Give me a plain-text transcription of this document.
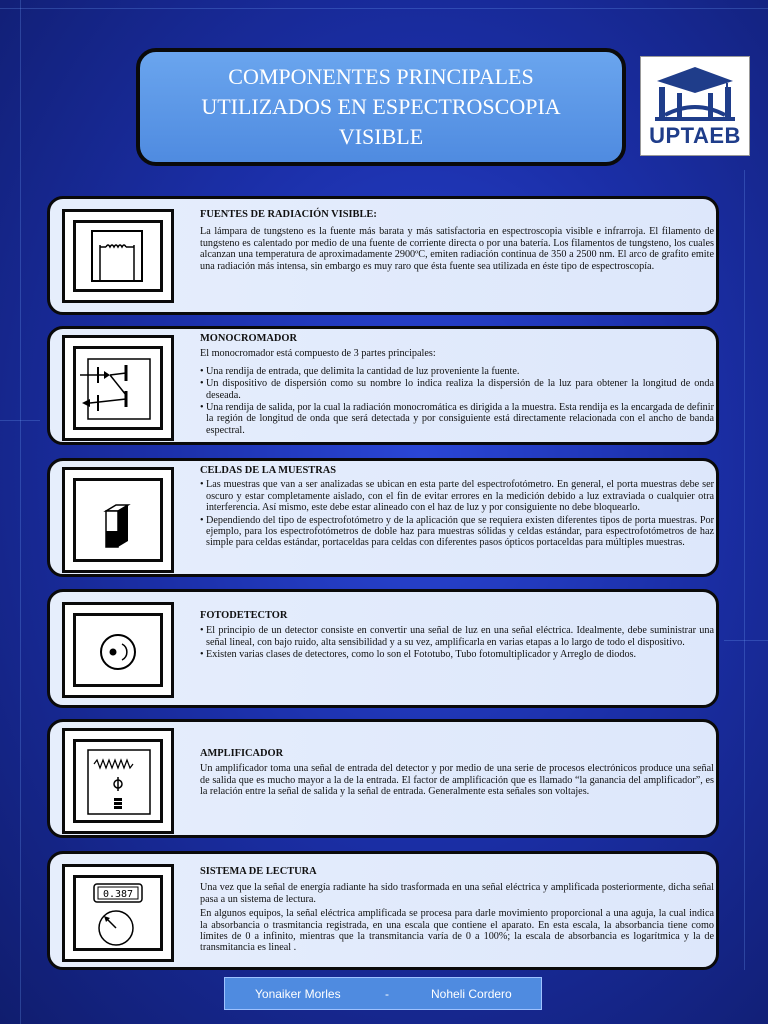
COMPONENTES PRINCIPALES
UTILIZADOS EN ESPECTROSCOPIA
VISIBLE	UPTAEB
FUENTES DE RADIACIÓN VISIBLE:
La lámpara de tungsteno es la fuente más barata y más satisfactoria en espectroscopia visible e infrarroja. El filamento de tungsteno es calentado por medio de una fuente de corriente directa o por una batería. Los filamentos de tungsteno, los cuales alcanzan una temperatura de aproximadamente 2900ºC, emiten radiación continua de 350 a 2500 nm. El arco de grafito emite una radiación más intensa, sin embargo es muy raro que ésta fuente sea utilizada en éste tipo de espectroscopía.
MONOCROMADOR
El monocromador está compuesto de 3 partes principales:
• Una rendija de entrada, que delimita la cantidad de luz proveniente la fuente.
• Un dispositivo de dispersión como su nombre lo indica realiza la dispersión de la luz para obtener la longitud de onda deseada.
• Una rendija de salida, por la cual la radiación monocromática es dirigida a la muestra. Esta rendija es la encargada de definir la región de longitud de onda que será detectada y por consiguiente está directamente relacionada con el ancho de banda espectral.
CELDAS DE LA MUESTRAS
• Las muestras que van a ser analizadas se ubican en esta parte del espectrofotómetro. En general, el porta muestras debe ser oscuro y estar completamente aislado, con el fin de evitar errores en la medición debido a luz extraviada o cualquier otra interferencia. Así mismo, este debe estar alineado con el haz de luz y por consiguiente no debe bloquearlo.
• Dependiendo del tipo de espectrofotómetro y de la aplicación que se requiera existen diferentes tipos de porta muestras. Por ejemplo, para los espectrofotómetros de doble haz para muestras sólidas y celdas estándar, para espectrofotómetros de haz simple para celdas estándar, portaceldas para celdas con diferentes pasos ópticos portaceldas para múltiples muestras.
FOTODETECTOR
• El principio de un detector consiste en convertir una señal de luz en una señal eléctrica. Idealmente, debe suministrar una señal lineal, con bajo ruido, alta sensibilidad y a su vez, amplificarla en varias etapas a lo largo de todo el dispositivo.
• Existen varias clases de detectores, como lo son el Fototubo, Tubo fotomultiplicador y Arreglo de diodos.
AMPLIFICADOR
Un amplificador toma una señal de entrada del detector y por medio de una serie de procesos electrónicos produce una señal de salida que es mucho mayor a la de la entrada. El factor de amplificación que es llamado “la ganancia del amplificador”, es la relación entre la señal de salida y la señal de entrada. Generalmente esta señales son voltajes.
0.387
SISTEMA DE LECTURA
Una vez que la señal de energía radiante ha sido trasformada en una señal eléctrica y amplificada posteriormente, dicha señal pasa a un sistema de lectura.
En algunos equipos, la señal eléctrica amplificada se procesa para darle movimiento proporcional a una aguja, la cual indica la absorbancia o trasmitancia registrada, en una escala que contiene el aparato. En esta escala, la absorbancia tiene como límites de 0 a infinito, mientras que la transmitancia varía de 0 a 100%; la escala de absorbancia es logarítmica y la de transmitancia es lineal .
Yonaiker Morles	-	Noheli Cordero
